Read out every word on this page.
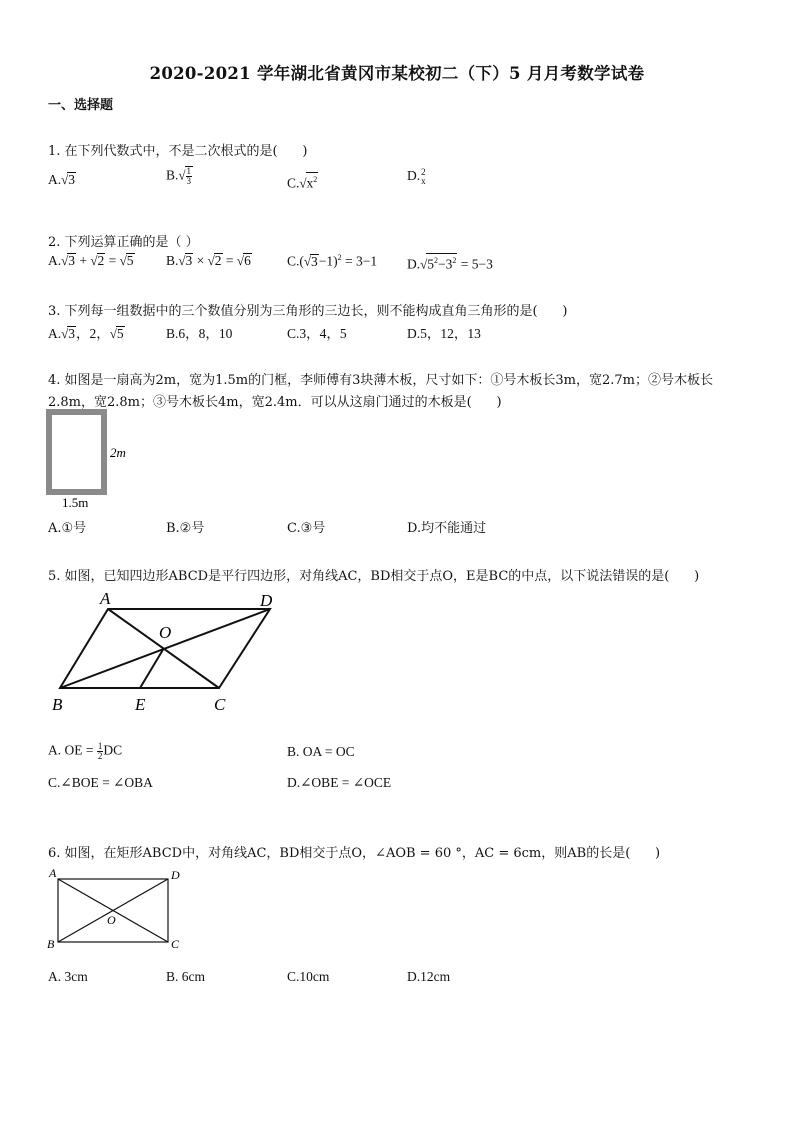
2020-2021 学年湖北省黄冈市某校初二（下）5 月月考数学试卷
一、选择题
1. 在下列代数式中，不是二次根式的是(      )
A.√3	$B.√ \frac{1}{3}$	$C.√x^2$	D. 2
x
2. 下列运算正确的是（ ）
A.√3 + √2 = √5 B.√3 × √2 = √6	$C.(√3-1)^2 = 3-1$ $D.√5^2-3^2 = 5-3$
3. 下列每一组数据中的三个数值分别为三角形的三边长，则不能构成直角三角形的是(      )
A.√3，2，√5	B.6，8，10	C.3，4，5	D.5，12，13
4. 如图是一扇高为2m，宽为1.5m的门框，李师傅有3块薄木板，尺寸如下：①号木板长3m，宽2.7m；②号木板长
2.8m，宽2.8m；③号木板长4m，宽2.4m．可以从这扇门通过的木板是(      )
2m
1.5m
A.①号	B.②号	C.③号	D.均不能通过
5. 如图，已知四边形ABCD是平行四边形，对角线AC，BD相交于点O，E是BC的中点，以下说法错误的是(      )
A	D
O
B	E	C
A. OE = $\frac{1}{2}$ DC	B. OA = OC
C.∠BOE = ∠OBA	D.∠OBE = ∠OCE
6. 如图，在矩形ABCD中，对角线AC，BD相交于点O，∠AOB = 60 °，AC = 6cm，则AB的长是(      )
A	D
O
B	C
A. 3cm	B. 6cm	C.10cm	D.12cm
